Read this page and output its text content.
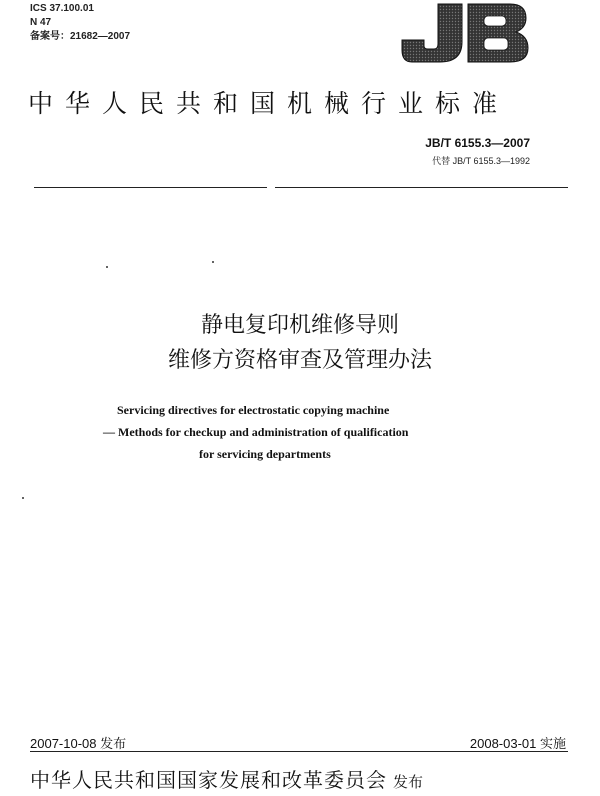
ICS 37.100.01
N 47
备案号：21682—2007
中华人民共和国机械行业标准
JB/T 6155.3—2007
代替 JB/T 6155.3—1992
静电复印机维修导则
维修方资格审查及管理办法
Servicing directives for electrostatic copying machine
— Methods for checkup and administration of qualification
for servicing departments
2007-10-08 发布	2008-03-01 实施
中华人民共和国国家发展和改革委员会 发布
